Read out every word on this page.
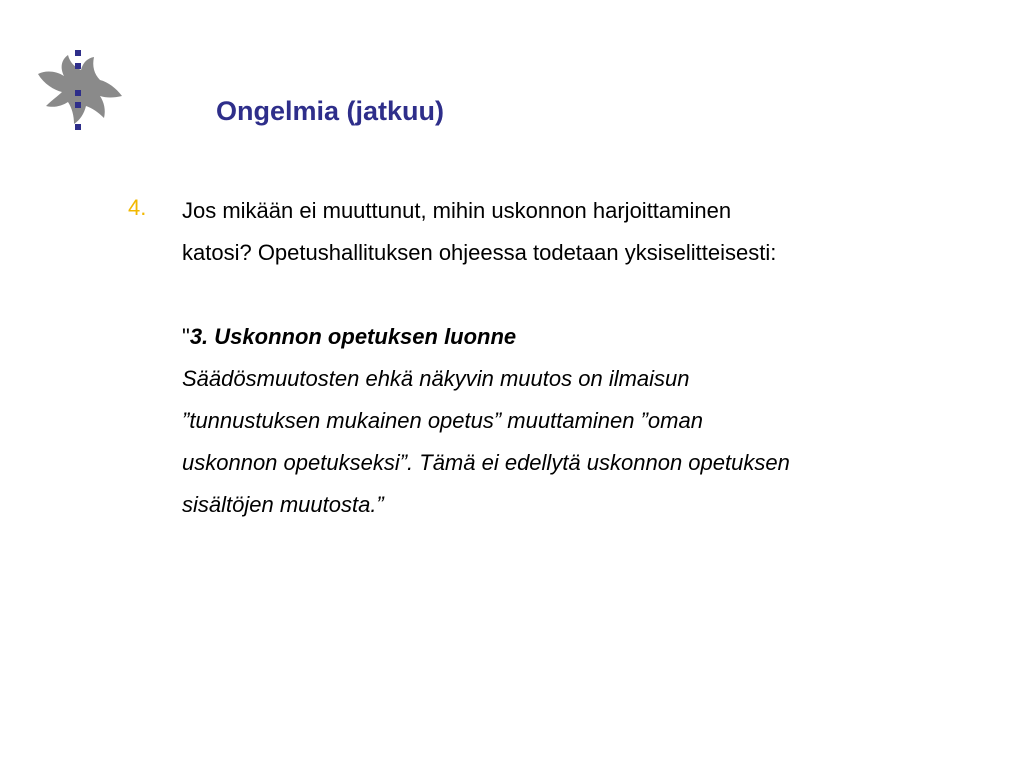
Ongelmia (jatkuu)
4. Jos mikään ei muuttunut, mihin uskonnon harjoittaminen
katosi? Opetushallituksen ohjeessa todetaan yksiselitteisesti:
"3. Uskonnon opetuksen luonne
Säädösmuutosten ehkä näkyvin muutos on ilmaisun
”tunnustuksen mukainen opetus” muuttaminen ”oman
uskonnon opetukseksi”. Tämä ei edellytä uskonnon opetuksen
sisältöjen muutosta.”
